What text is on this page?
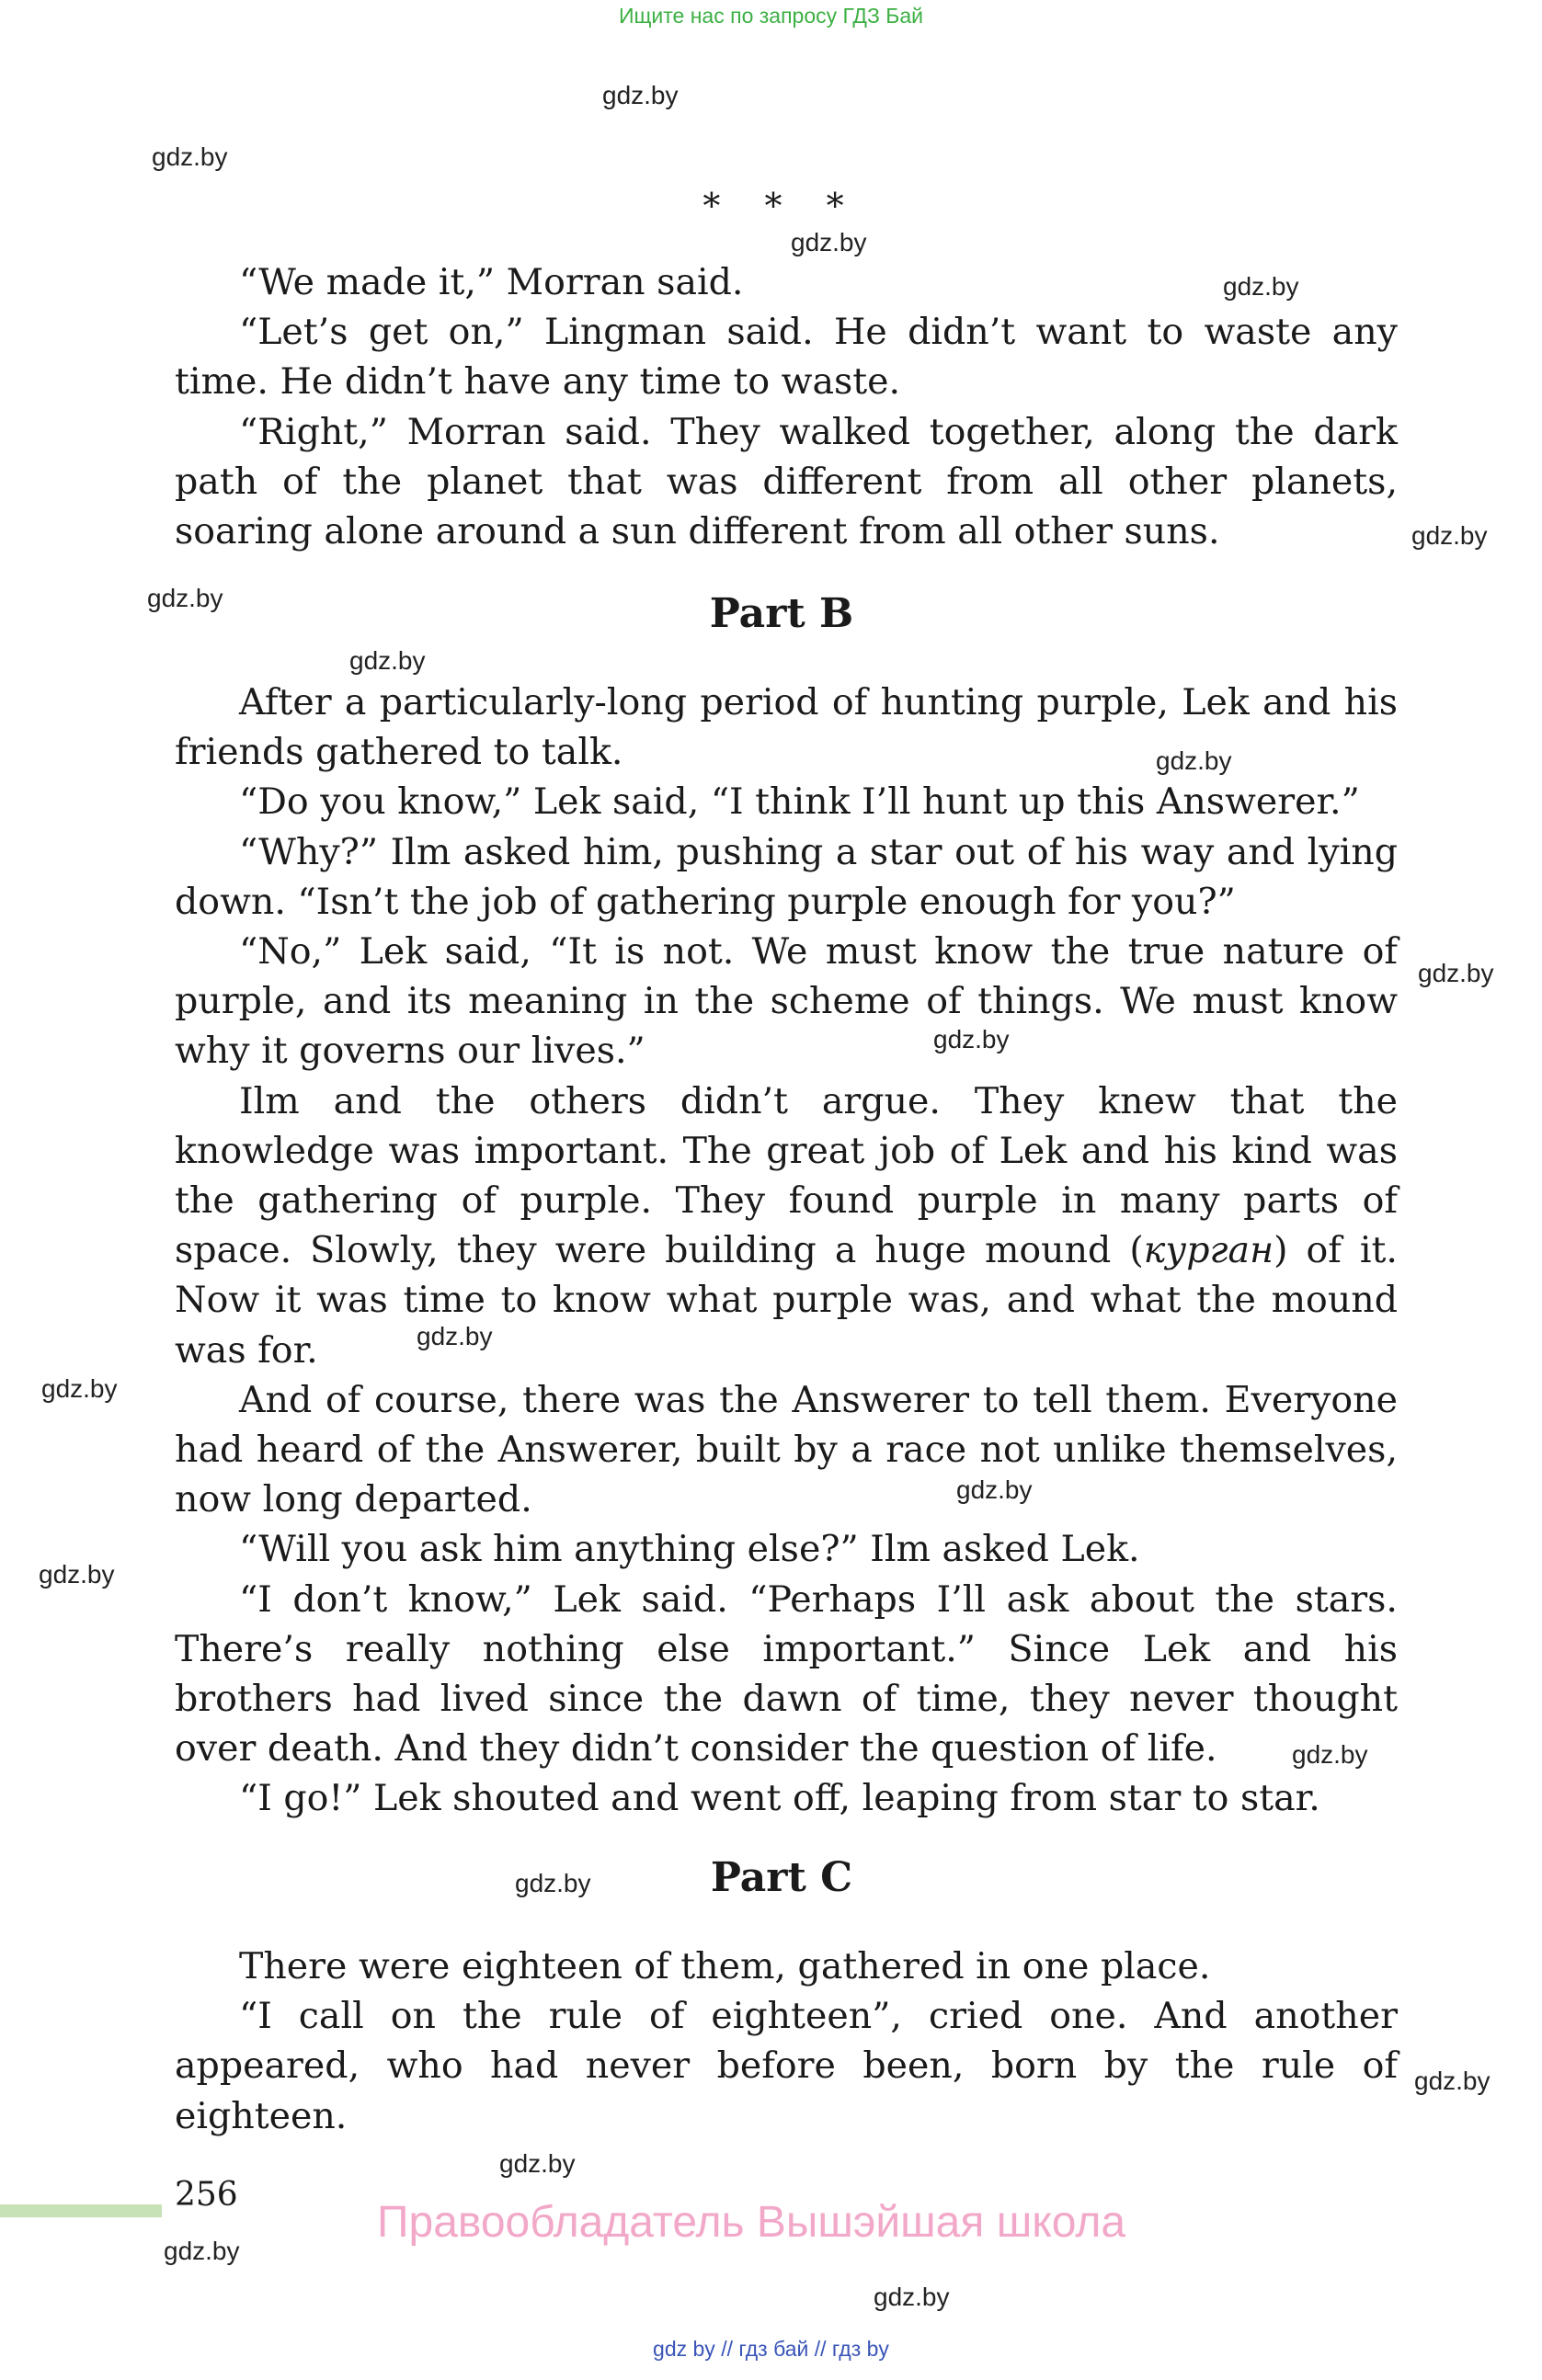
Ищите нас по запросу ГДЗ Бай
gdz.by
gdz.by
gdz.by
gdz.by
gdz.by
gdz.by
gdz.by
gdz.by
gdz.by
gdz.by
gdz.by
gdz.by
gdz.by
gdz.by
gdz.by
gdz.by
gdz.by
gdz.by
gdz.by
gdz.by
* * *

“We made it,” Morran said.

“Let’s get on,” Lingman said. He didn’t want to waste any time. He didn’t have any time to waste.

“Right,” Morran said. They walked together, along the dark path of the planet that was different from all other planets, soaring alone around a sun different from all other suns.

Part B

After a particularly-long period of hunting purple, Lek and his friends gathered to talk.

“Do you know,” Lek said, “I think I’ll hunt up this Answerer.”

“Why?” Ilm asked him, pushing a star out of his way and lying down. “Isn’t the job of gathering purple enough for you?”

“No,” Lek said, “It is not. We must know the true nature of purple, and its meaning in the scheme of things. We must know why it governs our lives.”

Ilm and the others didn’t argue. They knew that the knowledge was important. The great job of Lek and his kind was the gathering of purple. They found purple in many parts of space. Slowly, they were building a huge mound (курган) of it. Now it was time to know what purple was, and what the mound was for.

And of course, there was the Answerer to tell them. Everyone had heard of the Answerer, built by a race not unlike themselves, now long departed.

“Will you ask him anything else?” Ilm asked Lek.

“I don’t know,” Lek said. “Perhaps I’ll ask about the stars. There’s really nothing else important.” Since Lek and his brothers had lived since the dawn of time, they never thought over death. And they didn’t consider the question of life.

“I go!” Lek shouted and went off, leaping from star to star.

Part C

There were eighteen of them, gathered in one place.

“I call on the rule of eighteen”, cried one. And another appeared, who had never before been, born by the rule of eighteen.

256
Правообладатель Вышэйшая школа
gdz by // гдз бай // гдз by
